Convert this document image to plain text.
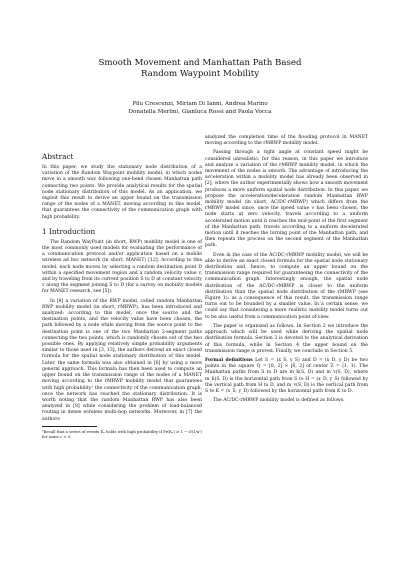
Smooth Movement and Manhattan Path Based
Random Waypoint Mobility
Pilu Crescenzi, Miriam Di Ianni, Andrea Marino
Donatella Merlini, Gianluca Rossi and Paola Vocca
Abstract

In this paper, we study the stationary node distribution of a variation of the Random Waypoint mobility model, in which nodes move in a smooth way following one-bend chosen Manhattan path connecting two points. We provide analytical results for the spatial node stationary distribution of this model. As an application, we exploit this result to derive an upper bound on the transmission range of the nodes of a MANET, moving according to this model, that guarantees the connectivity of the communication graph with high probability.

1 Introduction

The Random WayPoint (in short, RWP) mobility model is one of the most commonly used models for evaluating the performance of a communication protocol and/or application based on a mobile wireless ad hoc network (in short, MANET) [12]. According to this model, each node moves by selecting a random destination point D within a specified movement region and a random velocity value v, and by traveling from its current position S to D at constant velocity v along the segment joining S to D (for a survey on mobility models for MANET research, see [5]).

In [8] a variation of the RWP model, called random Manhattan RWP mobility model (in short, rMRWP), has been introduced and analyzed: according to this model, once the source and the destination points, and the velocity value have been chosen, the path followed by a node while moving from the source point to the destination point is one of the two Manhattan 2-segment paths connecting the two points, which is randomly chosen out of the two possible ones. By applying relatively simple probability arguments similar to those used in [3, 13], the authors derived an exact closed formula for the spatial node stationary distribution of this model. Later, the same formula was also obtained in [6] by using a more general approach. This formula has then been used to compute an upper bound on the transmission range of the nodes of a MANET moving according to the rMRWP mobility model that guarantees with high probability¹ the connectivity of the communication graph, once the network has reached the stationary distribution. It is worth noting that the random Manhattan RWP has also been analyzed in [8] while considering the problem of load-balanced routing in dense wireless multi-hop networks. Moreover, in [7] the authors

¹Recall that a series of events Eₙ holds with high probability if Pr(Eₙ) ≥ 1 − O(1/nᶜ) for some c > 0.

analyzed the completion time of the flooding protocol in MANET moving according to the rMRWP mobility model.

Passing through a right angle at constant speed might be considered unrealistic: for this reason, in this paper we introduce and analyze a variation of the rMRWP mobility model, in which the movement of the nodes is smooth. The advantage of introducing the acceleration within a mobility model has already been observed in [2], where the author experimentally shows how a smooth movement produces a more uniform spatial node distribution. In this paper, we propose the acceleration/deceleration random Manhattan RWP mobility model (in short, AC/DC-rMRWP) which differs from the rMRWP model since, once the speed value v has been chosen, the node starts at zero velocity, travels according to a uniform accelerated motion until it reaches the mid-point of the first segment of the Manhattan path, travels according to a uniform decelerated motion until it reaches the turning point of the Manhattan path, and then repeats the process on the second segment of the Manhattan path.

Even in the case of the AC/DC-rMRWP mobility model, we will be able to derive an exact closed formula for the spatial node stationary distribution and, hence, to compute an upper bound on the transmission range required for guaranteeing the connectivity of the communication graph. Interestingly enough, the spatial node distribution of the AC/DC-rMRWP is closer to the uniform distribution than the spatial node distribution of the rMRWP (see Figure 1): as a consequence of this result, the transmission range turns out to be bounded by a smaller value. In a certain sense, we could say that considering a more realistic mobility model turns out to be also useful from a communication point of view.

The paper is organized as follows. In Section 2 we introduce the approach which will be used while deriving the spatial node distribution formula. Section 3 is devoted to the analytical derivation of this formula, while in Section 4 the upper bound on the transmission range is proved. Finally, we conclude in Section 5.

Formal definitions Let S = (x_S, y_S) and D = (x_D, y_D) be two points in the square Q = [0, 2] × [0, 2] of center Z = (1, 1). The Manhattan paths from S to D are m_h(S, D) and m_v(S, D), where m_h(S, D) is the horizontal path from S to H = (x_D, y_S) followed by the vertical path from H to D, and m_v(S, D) is the vertical path from S to K = (x_S, y_D) followed by the horizontal path from K to D.

The AC/DC-rMRWP mobility model is defined as follows.
